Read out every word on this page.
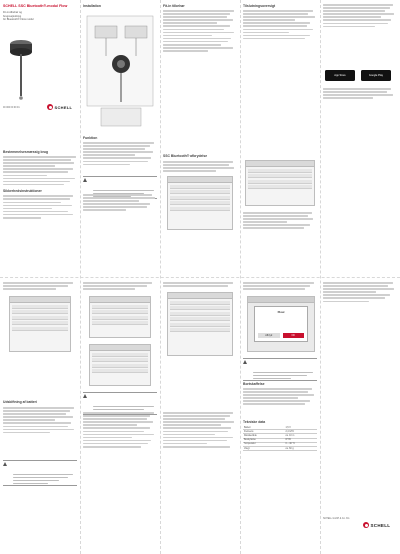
SCHELL SSC Bluetooth®-modul Flow
Fit-in-tilbehør og
brugsvejledning
for Bluetooth® Flow modul
00 000 00 00 01	SCHELL
Bestemmelsesmæssig brug
Sikkerhedsinstruktioner
Installation
Funktion

Fit-in tilbehør
SSC Bluetooth® afbrydelse
Tilslutningsoversigt
App Store	Google Play
Udskiftning af batteri

Flow
Afbryd	OK

Bortskaffelse
Tekniske data
Batteri	1,5 V
Frekvens	2,4 GHz
Rækkevidde	ca. 10 m
Beskyttelse	IP 65
Temperatur	0 – 40 °C
Vægt	ca. 60 g
SCHELL GmbH & Co. KG
SCHELL
